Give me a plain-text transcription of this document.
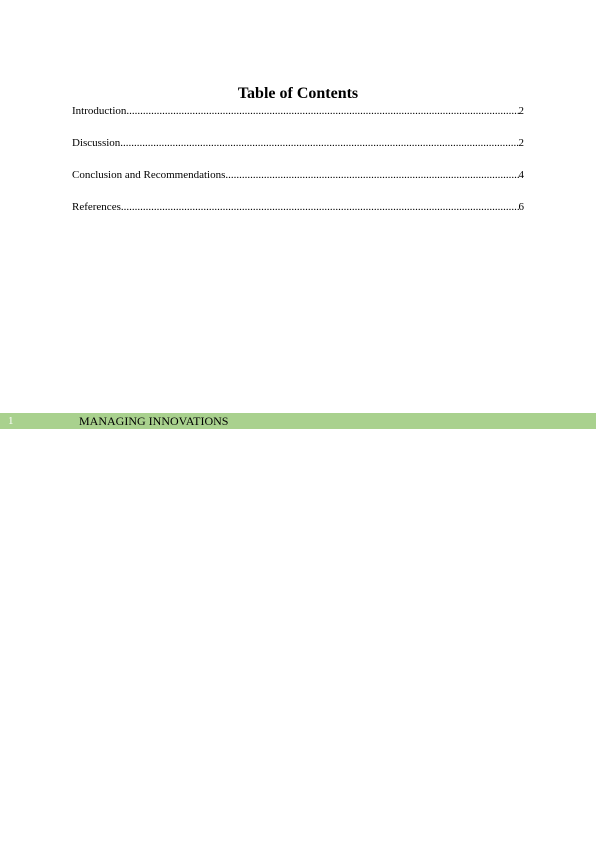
Table of Contents
Introduction .....	2
Discussion .....	2
Conclusion and Recommendations .....	4
References .....	6
1	MANAGING INNOVATIONS
